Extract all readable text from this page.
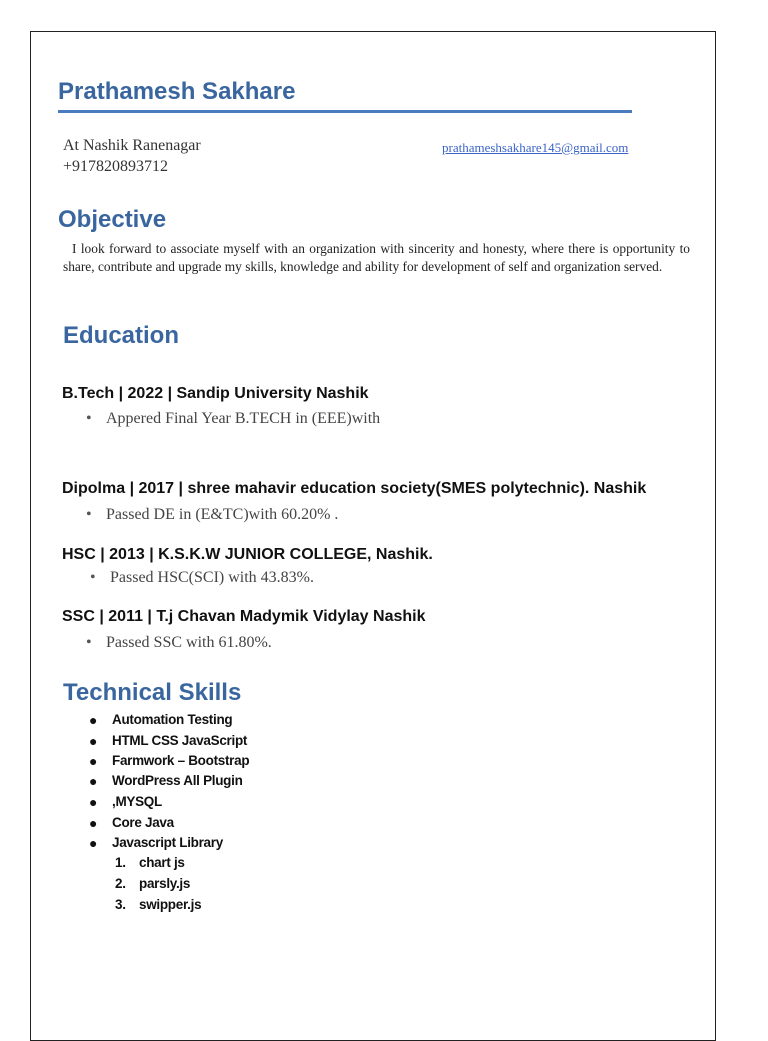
Prathamesh Sakhare
At Nashik Ranenagar
+917820893712
prathameshsakhare145@gmail.com
Objective
I look forward to associate myself with an organization with sincerity and honesty, where there is opportunity to share, contribute and upgrade my skills, knowledge and ability for development of self and organization served.
Education
B.Tech | 2022 | Sandip University Nashik
• Appered Final Year B.TECH in (EEE)with
Dipolma | 2017 | shree mahavir education society(SMES polytechnic). Nashik
• Passed DE in (E&TC)with 60.20% .
HSC | 2013 | K.S.K.W JUNIOR COLLEGE, Nashik.
• Passed HSC(SCI) with 43.83%.
SSC | 2011 | T.j Chavan Madymik Vidylay Nashik
• Passed SSC with 61.80%.
Technical Skills
● Automation Testing
● HTML CSS JavaScript
● Farmwork – Bootstrap
● WordPress All Plugin
● ,MYSQL
● Core Java
● Javascript Library
1. chart js
2. parsly.js
3. swipper.js
